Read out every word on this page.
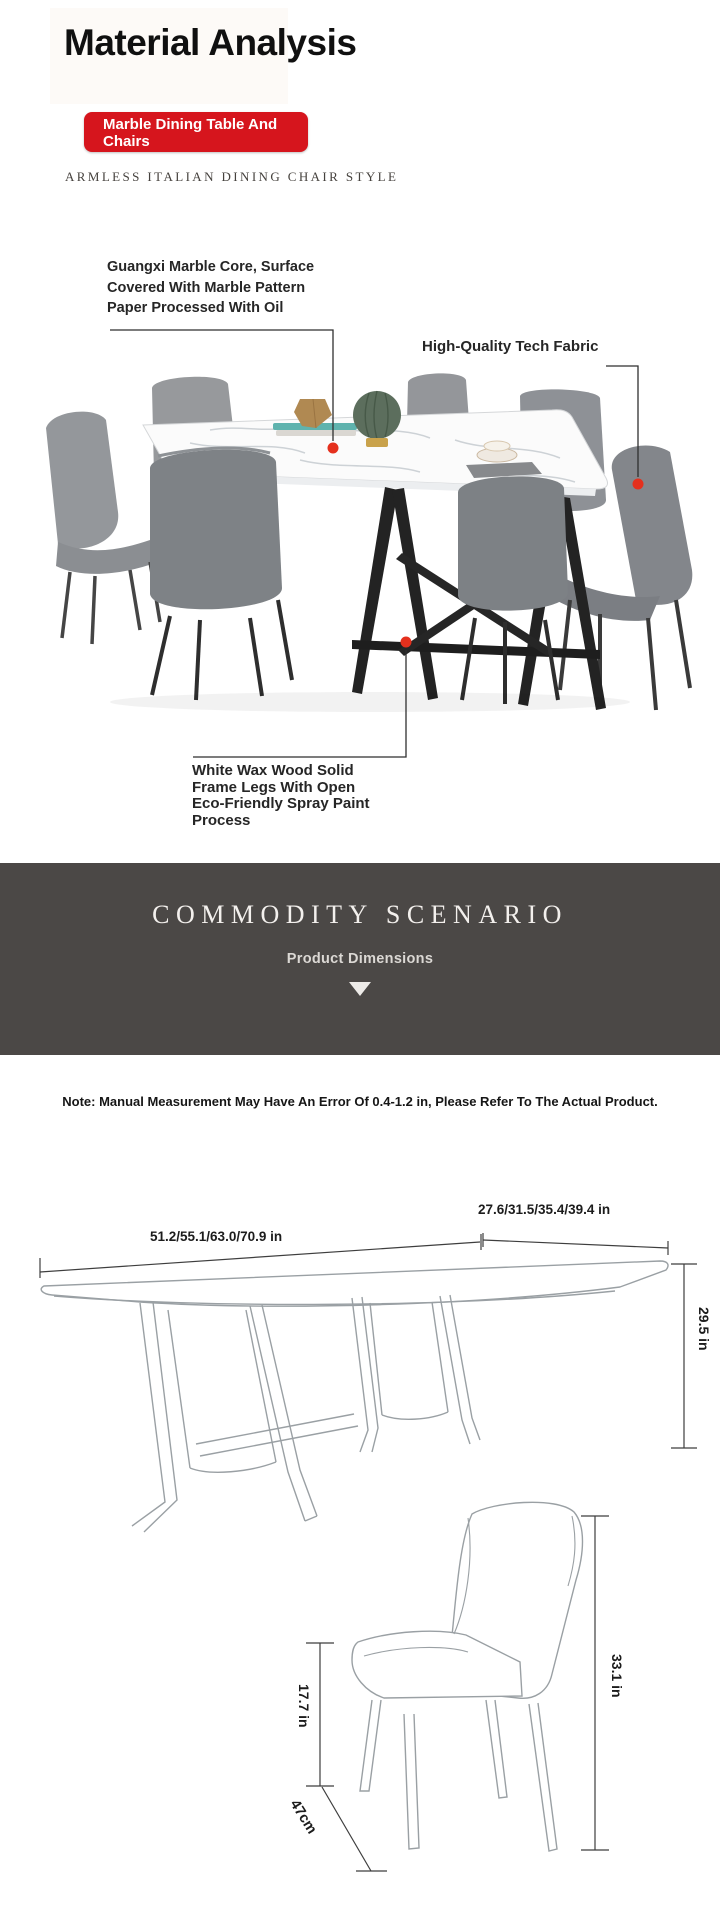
Material Analysis
Marble Dining Table And
Chairs
ARMLESS ITALIAN DINING CHAIR STYLE
Guangxi Marble Core, Surface
Covered With Marble Pattern
Paper Processed With Oil
High-Quality Tech Fabric
White Wax Wood Solid
Frame Legs With Open
Eco-Friendly Spray Paint
Process
COMMODITY SCENARIO
Product Dimensions
Note: Manual Measurement May Have An Error Of 0.4-1.2 in, Please Refer To The Actual Product.
51.2/55.1/63.0/70.9 in
27.6/31.5/35.4/39.4 in
29.5 in
33.1 in
17.7 in
47cm
